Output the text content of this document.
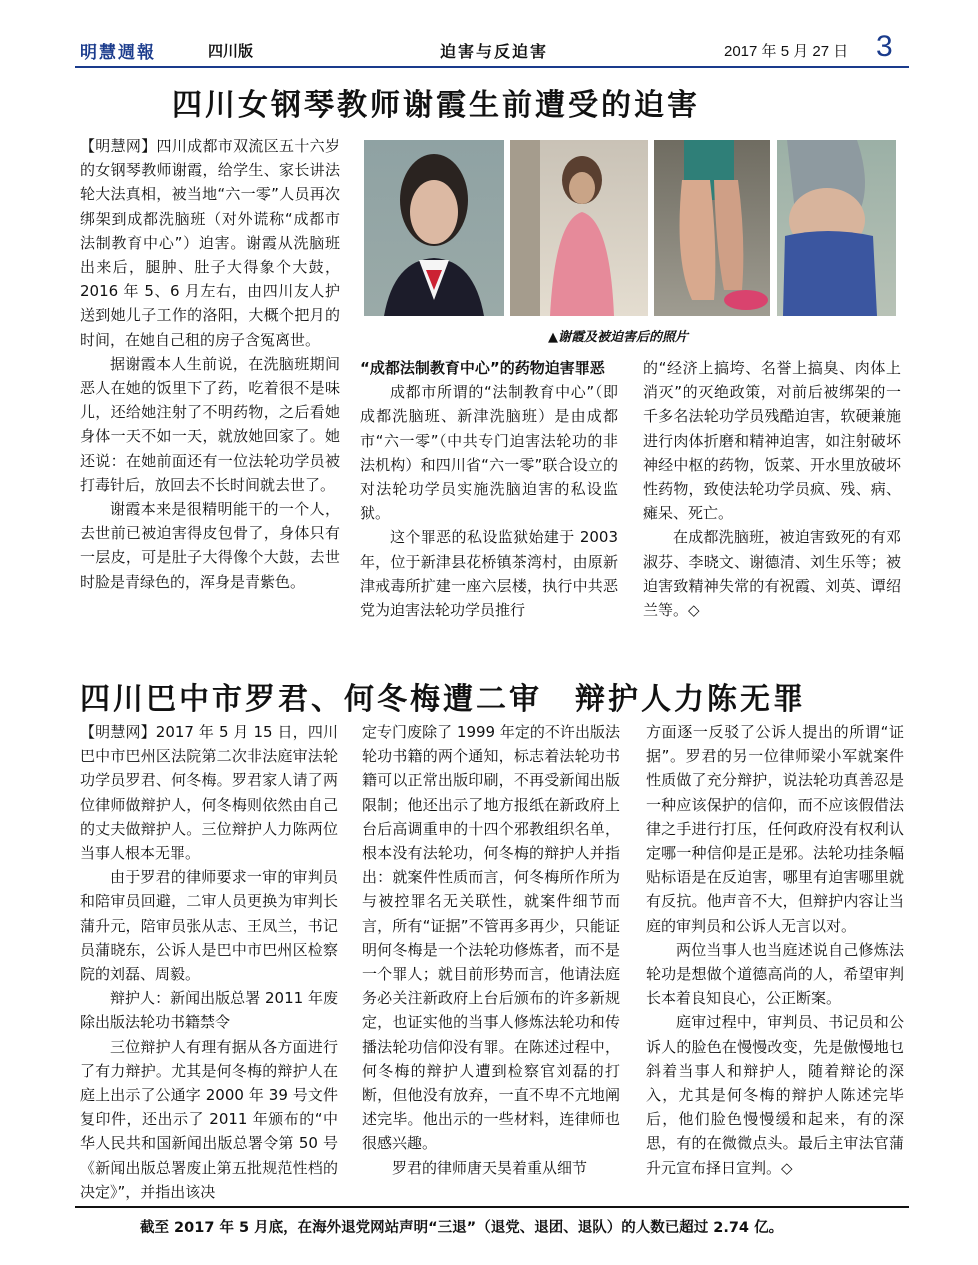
明慧週報	四川版	迫害与反迫害	2017 年 5 月 27 日 3
四川女钢琴教师谢霞生前遭受的迫害

【明慧网】四川成都市双流区五十六岁的女钢琴教师谢霞，给学生、家长讲法轮大法真相，被当地“六一零”人员再次绑架到成都洗脑班（对外谎称“成都市法制教育中心”）迫害。谢霞从洗脑班出来后，腿肿、肚子大得象个大鼓，2016 年 5、6 月左右，由四川友人护送到她儿子工作的洛阳，大概个把月的时间，在她自己租的房子含冤离世。

据谢霞本人生前说，在洗脑班期间恶人在她的饭里下了药，吃着很不是味儿，还给她注射了不明药物，之后看她身体一天不如一天，就放她回家了。她还说：在她前面还有一位法轮功学员被打毒针后，放回去不长时间就去世了。

谢霞本来是很精明能干的一个人，去世前已被迫害得皮包骨了，身体只有一层皮，可是肚子大得像个大鼓，去世时脸是青绿色的，浑身是青紫色。

▲谢霞及被迫害后的照片

“成都法制教育中心”的药物迫害罪恶

成都市所谓的“法制教育中心”（即成都洗脑班、新津洗脑班）是由成都市“六一零”（中共专门迫害法轮功的非法机构）和四川省“六一零”联合设立的对法轮功学员实施洗脑迫害的私设监狱。

这个罪恶的私设监狱始建于 2003 年，位于新津县花桥镇茶湾村，由原新津戒毒所扩建一座六层楼，执行中共恶党为迫害法轮功学员推行

的“经济上搞垮、名誉上搞臭、肉体上消灭”的灭绝政策，对前后被绑架的一千多名法轮功学员残酷迫害，软硬兼施进行肉体折磨和精神迫害，如注射破坏神经中枢的药物，饭菜、开水里放破坏性药物，致使法轮功学员疯、残、病、瘫呆、死亡。

在成都洗脑班，被迫害致死的有邓淑芬、李晓文、谢德清、刘生乐等；被迫害致精神失常的有祝霞、刘英、谭绍兰等。◇

四川巴中市罗君、何冬梅遭二审　辩护人力陈无罪

【明慧网】2017 年 5 月 15 日，四川巴中市巴州区法院第二次非法庭审法轮功学员罗君、何冬梅。罗君家人请了两位律师做辩护人，何冬梅则依然由自己的丈夫做辩护人。三位辩护人力陈两位当事人根本无罪。

由于罗君的律师要求一审的审判员和陪审员回避，二审人员更换为审判长蒲升元，陪审员张从志、王凤兰，书记员蒲晓东，公诉人是巴中市巴州区检察院的刘磊、周毅。

辩护人：新闻出版总署 2011 年废除出版法轮功书籍禁令

三位辩护人有理有据从各方面进行了有力辩护。尤其是何冬梅的辩护人在庭上出示了公通字 2000 年 39 号文件复印件，还出示了 2011 年颁布的“中华人民共和国新闻出版总署令第 50 号《新闻出版总署废止第五批规范性档的决定》”，并指出该决

定专门废除了 1999 年定的不许出版法轮功书籍的两个通知，标志着法轮功书籍可以正常出版印刷，不再受新闻出版限制；他还出示了地方报纸在新政府上台后高调重申的十四个邪教组织名单，根本没有法轮功，何冬梅的辩护人并指出：就案件性质而言，何冬梅所作所为与被控罪名无关联性，就案件细节而言，所有“证据”不管再多再少，只能证明何冬梅是一个法轮功修炼者，而不是一个罪人；就目前形势而言，他请法庭务必关注新政府上台后颁布的许多新规定，也证实他的当事人修炼法轮功和传播法轮功信仰没有罪。在陈述过程中，何冬梅的辩护人遭到检察官刘磊的打断，但他没有放弃，一直不卑不亢地阐述完毕。他出示的一些材料，连律师也很感兴趣。

罗君的律师唐天昊着重从细节

方面逐一反驳了公诉人提出的所谓“证据”。罗君的另一位律师梁小军就案件性质做了充分辩护，说法轮功真善忍是一种应该保护的信仰，而不应该假借法律之手进行打压，任何政府没有权利认定哪一种信仰是正是邪。法轮功挂条幅贴标语是在反迫害，哪里有迫害哪里就有反抗。他声音不大，但辩护内容让当庭的审判员和公诉人无言以对。

两位当事人也当庭述说自己修炼法轮功是想做个道德高尚的人，希望审判长本着良知良心，公正断案。

庭审过程中，审判员、书记员和公诉人的脸色在慢慢改变，先是傲慢地乜斜着当事人和辩护人，随着辩论的深入，尤其是何冬梅的辩护人陈述完毕后，他们脸色慢慢缓和起来，有的深思，有的在微微点头。最后主审法官蒲升元宣布择日宣判。◇

截至 2017 年 5 月底，在海外退党网站声明“三退”（退党、退团、退队）的人数已超过 2.74 亿。
